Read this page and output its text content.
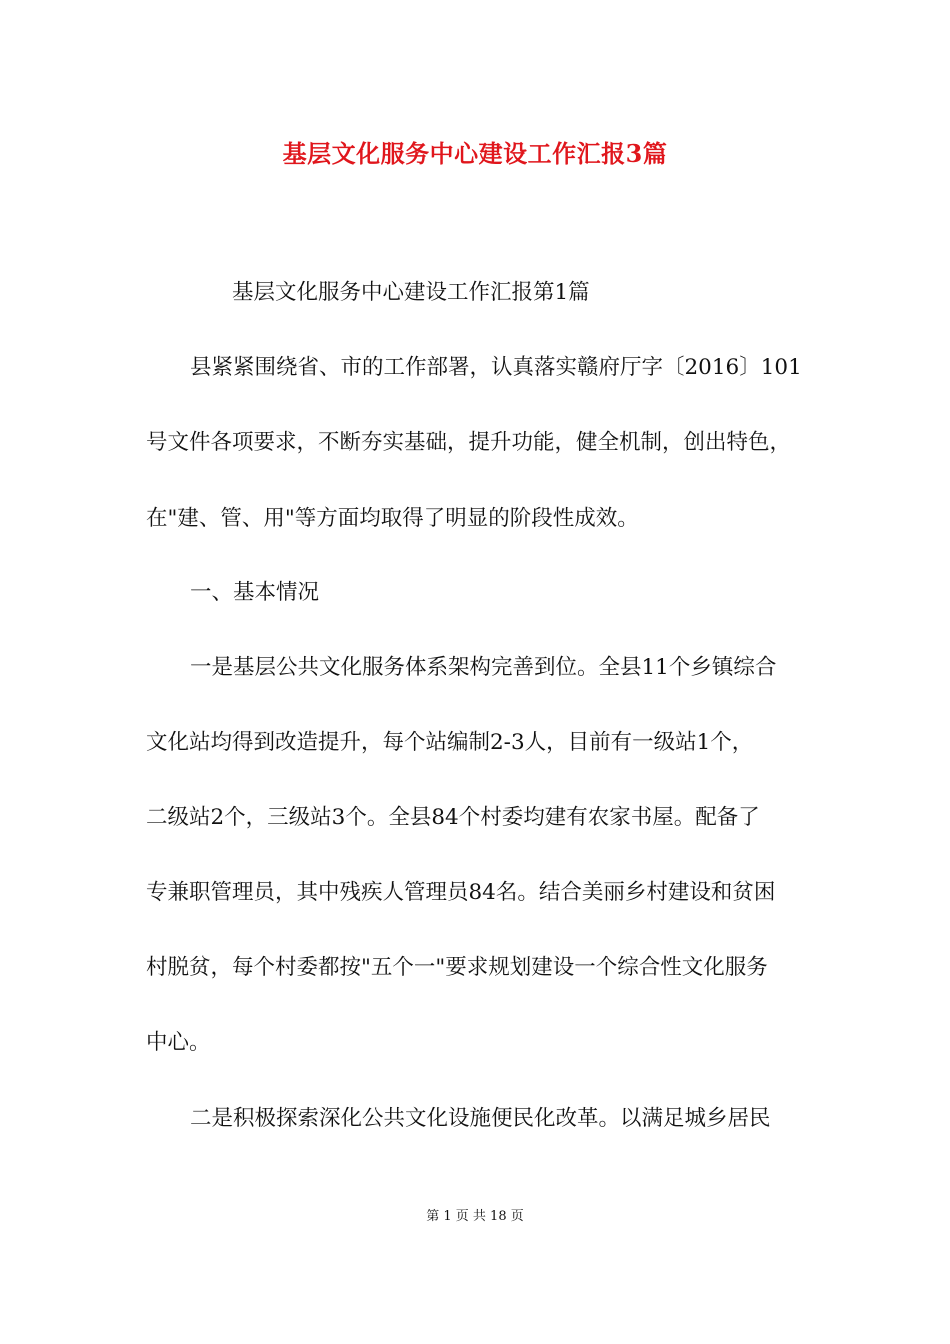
基层文化服务中心建设工作汇报3篇
基层文化服务中心建设工作汇报第1篇
县紧紧围绕省、市的工作部署，认真落实赣府厅字〔2016〕101
号文件各项要求，不断夯实基础，提升功能，健全机制，创出特色，
在"建、管、用"等方面均取得了明显的阶段性成效。
一、基本情况
一是基层公共文化服务体系架构完善到位。全县11个乡镇综合
文化站均得到改造提升，每个站编制2-3人，目前有一级站1个，
二级站2个，三级站3个。全县84个村委均建有农家书屋。配备了
专兼职管理员，其中残疾人管理员84名。结合美丽乡村建设和贫困
村脱贫，每个村委都按"五个一"要求规划建设一个综合性文化服务
中心。
二是积极探索深化公共文化设施便民化改革。以满足城乡居民
第 1 页 共 18 页
